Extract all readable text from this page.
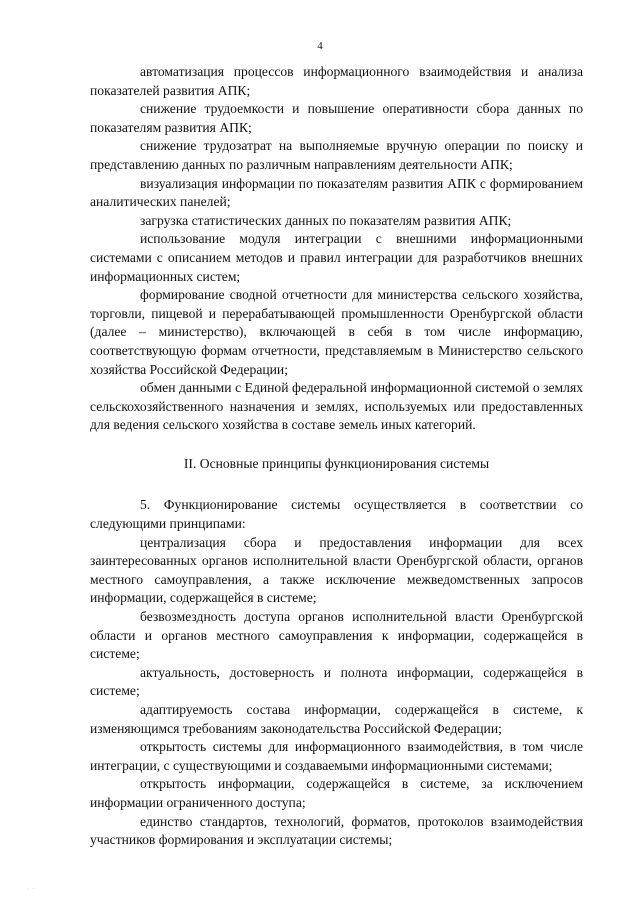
4

автоматизация процессов информационного взаимодействия и анализа показателей развития АПК;

снижение трудоемкости и повышение оперативности сбора данных по показателям развития АПК;

снижение трудозатрат на выполняемые вручную операции по поиску и представлению данных по различным направлениям деятельности АПК;

визуализация информации по показателям развития АПК с формированием аналитических панелей;

загрузка статистических данных по показателям развития АПК;

использование модуля интеграции с внешними информационными системами с описанием методов и правил интеграции для разработчиков внешних информационных систем;

формирование сводной отчетности для министерства сельского хозяйства, торговли, пищевой и перерабатывающей промышленности Оренбургской области (далее – министерство), включающей в себя в том числе информацию, соответствующую формам отчетности, представляемым в Министерство сельского хозяйства Российской Федерации;

обмен данными с Единой федеральной информационной системой о землях сельскохозяйственного назначения и землях, используемых или предоставленных для ведения сельского хозяйства в составе земель иных категорий.

II. Основные принципы функционирования системы

5. Функционирование системы осуществляется в соответствии со следующими принципами:

централизация сбора и предоставления информации для всех заинтересованных органов исполнительной власти Оренбургской области, органов местного самоуправления, а также исключение межведомственных запросов информации, содержащейся в системе;

безвозмездность доступа органов исполнительной власти Оренбургской области и органов местного самоуправления к информации, содержащейся в системе;

актуальность, достоверность и полнота информации, содержащейся в системе;

адаптируемость состава информации, содержащейся в системе, к изменяющимся требованиям законодательства Российской Федерации;

открытость системы для информационного взаимодействия, в том числе интеграции, с существующими и создаваемыми информационными системами;

открытость информации, содержащейся в системе, за исключением информации ограниченного доступа;

единство стандартов, технологий, форматов, протоколов взаимодействия участников формирования и эксплуатации системы;

· ·
